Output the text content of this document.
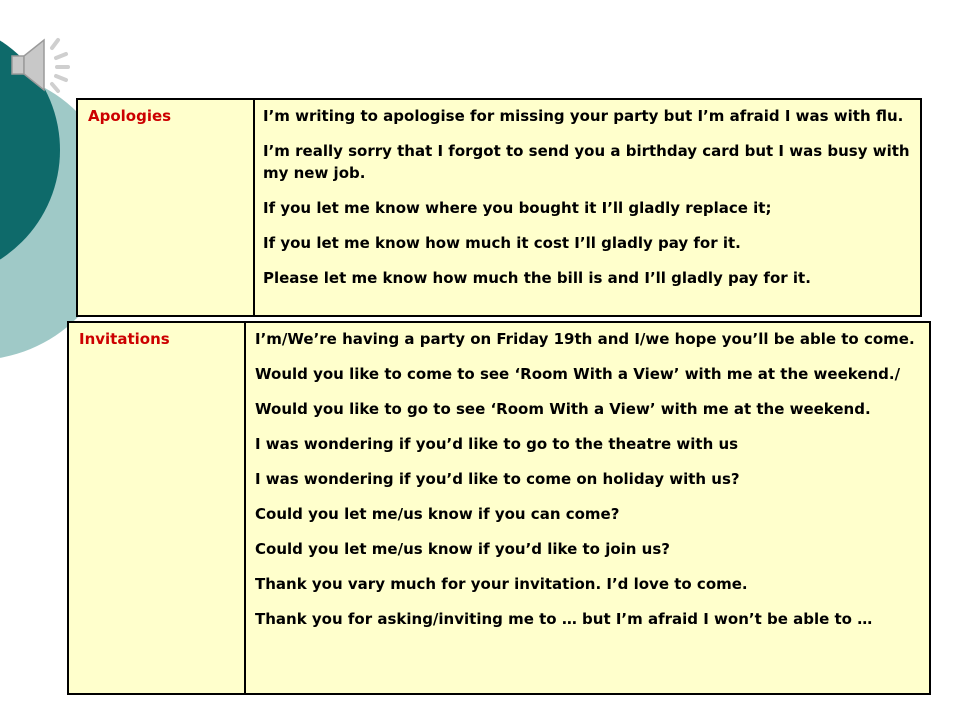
Apologies	I’m writing to apologise for missing your party but I’m afraid I was with flu.

I’m really sorry that I forgot to send you a birthday card but I was busy with my new job.

If you let me know where you bought it I’ll gladly replace it;

If you let me know how much it cost I’ll gladly pay for it.

Please let me know how much the bill is and I’ll gladly pay for it.

Invitations	I’m/We’re having a party on Friday 19th and I/we hope you’ll be able to come.

Would you like to come to see ‘Room With a View’ with me at the weekend./

Would you like to go to see ‘Room With a View’ with me at the weekend.

I was wondering if you’d like to go to the theatre with us

I was wondering if you’d like to come on holiday with us?

Could you let me/us know if you can come?

Could you let me/us know if you’d like to join us?

Thank you vary much for your invitation. I’d love to come.

Thank you for asking/inviting me to … but I’m afraid I won’t be able to …
